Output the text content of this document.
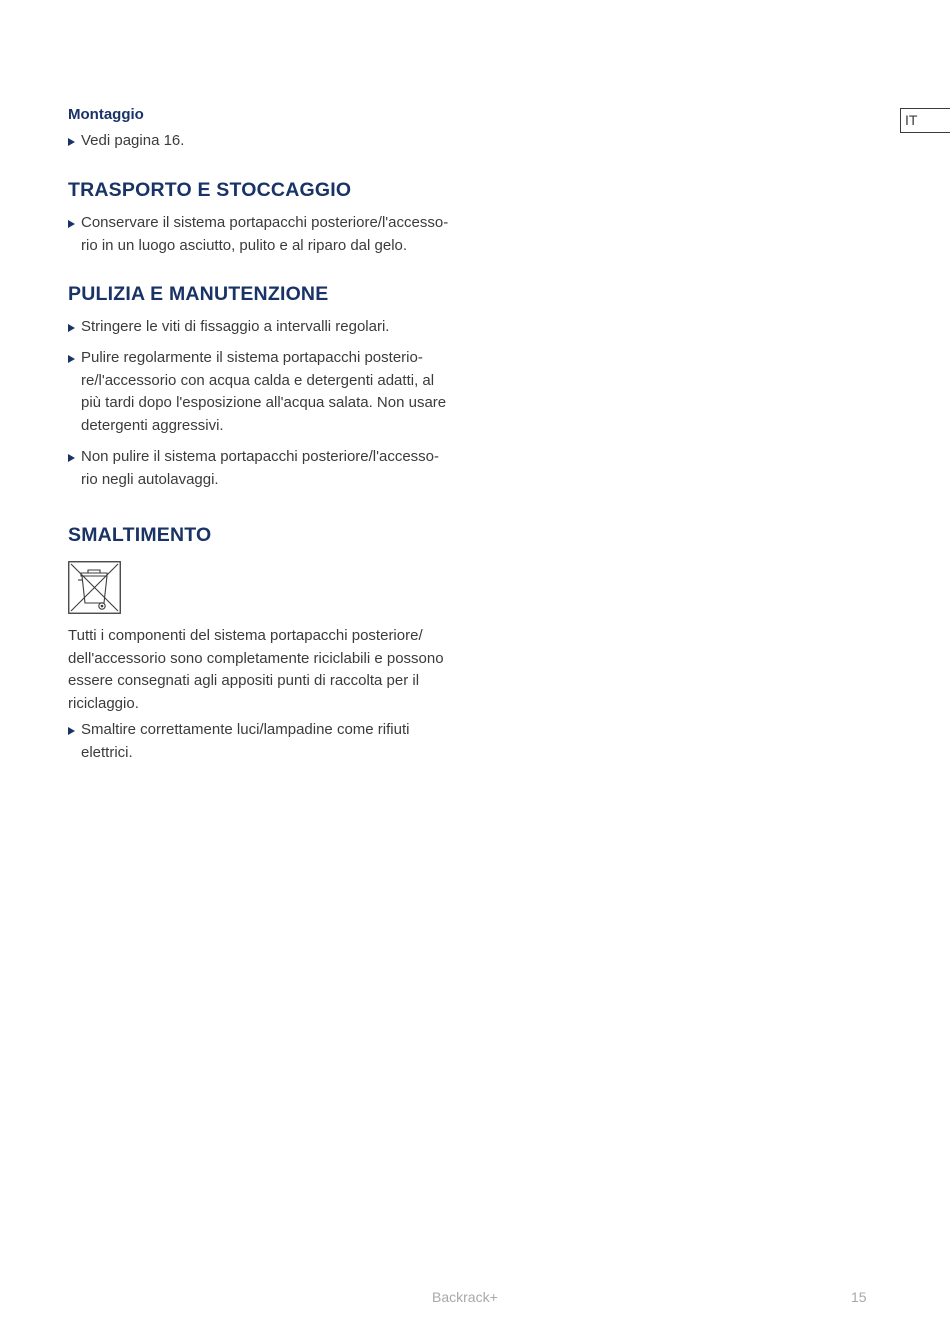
IT
Montaggio
Vedi pagina 16.
TRASPORTO E STOCCAGGIO
Conservare il sistema portapacchi posteriore/l'accesso-rio in un luogo asciutto, pulito e al riparo dal gelo.
PULIZIA E MANUTENZIONE
Stringere le viti di fissaggio a intervalli regolari.
Pulire regolarmente il sistema portapacchi posterio-re/l'accessorio con acqua calda e detergenti adatti, al più tardi dopo l'esposizione all'acqua salata. Non usare detergenti aggressivi.
Non pulire il sistema portapacchi posteriore/l'accesso-rio negli autolavaggi.
SMALTIMENTO
Tutti i componenti del sistema portapacchi posteriore/ dell'accessorio sono completamente riciclabili e possono essere consegnati agli appositi punti di raccolta per il riciclaggio.
Smaltire correttamente luci/lampadine come rifiuti elettrici.
Backrack+	15
